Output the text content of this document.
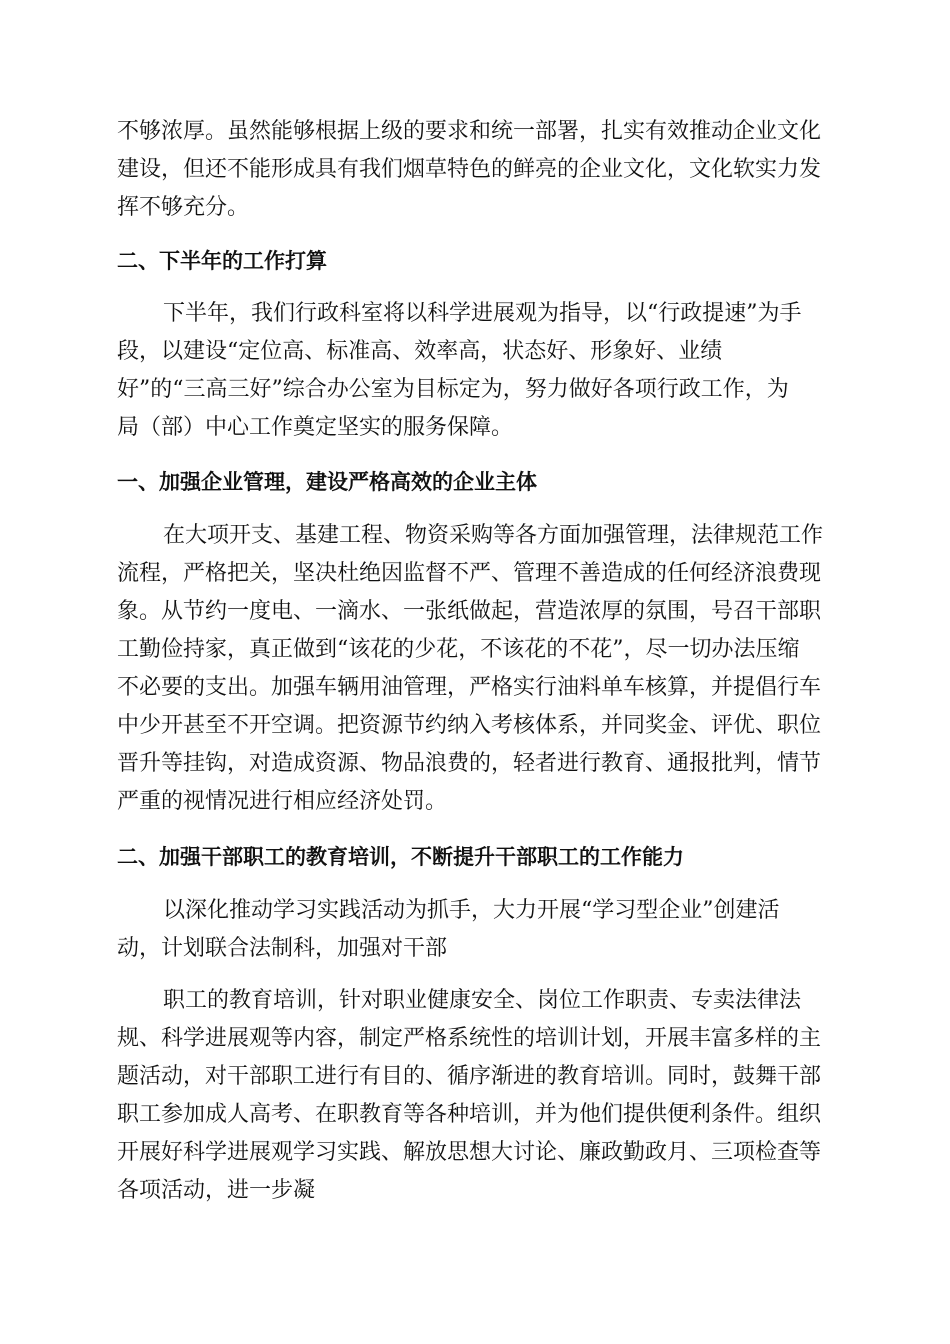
不够浓厚。虽然能够根据上级的要求和统一部署，扎实有效推动企业文化
建设，但还不能形成具有我们烟草特色的鲜亮的企业文化，文化软实力发
挥不够充分。
二、下半年的工作打算
下半年，我们行政科室将以科学进展观为指导，以“行政提速”为手
段，以建设“定位高、标准高、效率高，状态好、形象好、业绩
好”的“三高三好”综合办公室为目标定为，努力做好各项行政工作，为
局（部）中心工作奠定坚实的服务保障。
一、加强企业管理，建设严格高效的企业主体
在大项开支、基建工程、物资采购等各方面加强管理，法律规范工作
流程，严格把关，坚决杜绝因监督不严、管理不善造成的任何经济浪费现
象。从节约一度电、一滴水、一张纸做起，营造浓厚的氛围，号召干部职
工勤俭持家，真正做到“该花的少花，不该花的不花”，尽一切办法压缩
不必要的支出。加强车辆用油管理，严格实行油料单车核算，并提倡行车
中少开甚至不开空调。把资源节约纳入考核体系，并同奖金、评优、职位
晋升等挂钩，对造成资源、物品浪费的，轻者进行教育、通报批判，情节
严重的视情况进行相应经济处罚。
二、加强干部职工的教育培训，不断提升干部职工的工作能力
以深化推动学习实践活动为抓手，大力开展“学习型企业”创建活
动，计划联合法制科，加强对干部
职工的教育培训，针对职业健康安全、岗位工作职责、专卖法律法
规、科学进展观等内容，制定严格系统性的培训计划，开展丰富多样的主
题活动，对干部职工进行有目的、循序渐进的教育培训。同时，鼓舞干部
职工参加成人高考、在职教育等各种培训，并为他们提供便利条件。组织
开展好科学进展观学习实践、解放思想大讨论、廉政勤政月、三项检查等
各项活动，进一步凝
